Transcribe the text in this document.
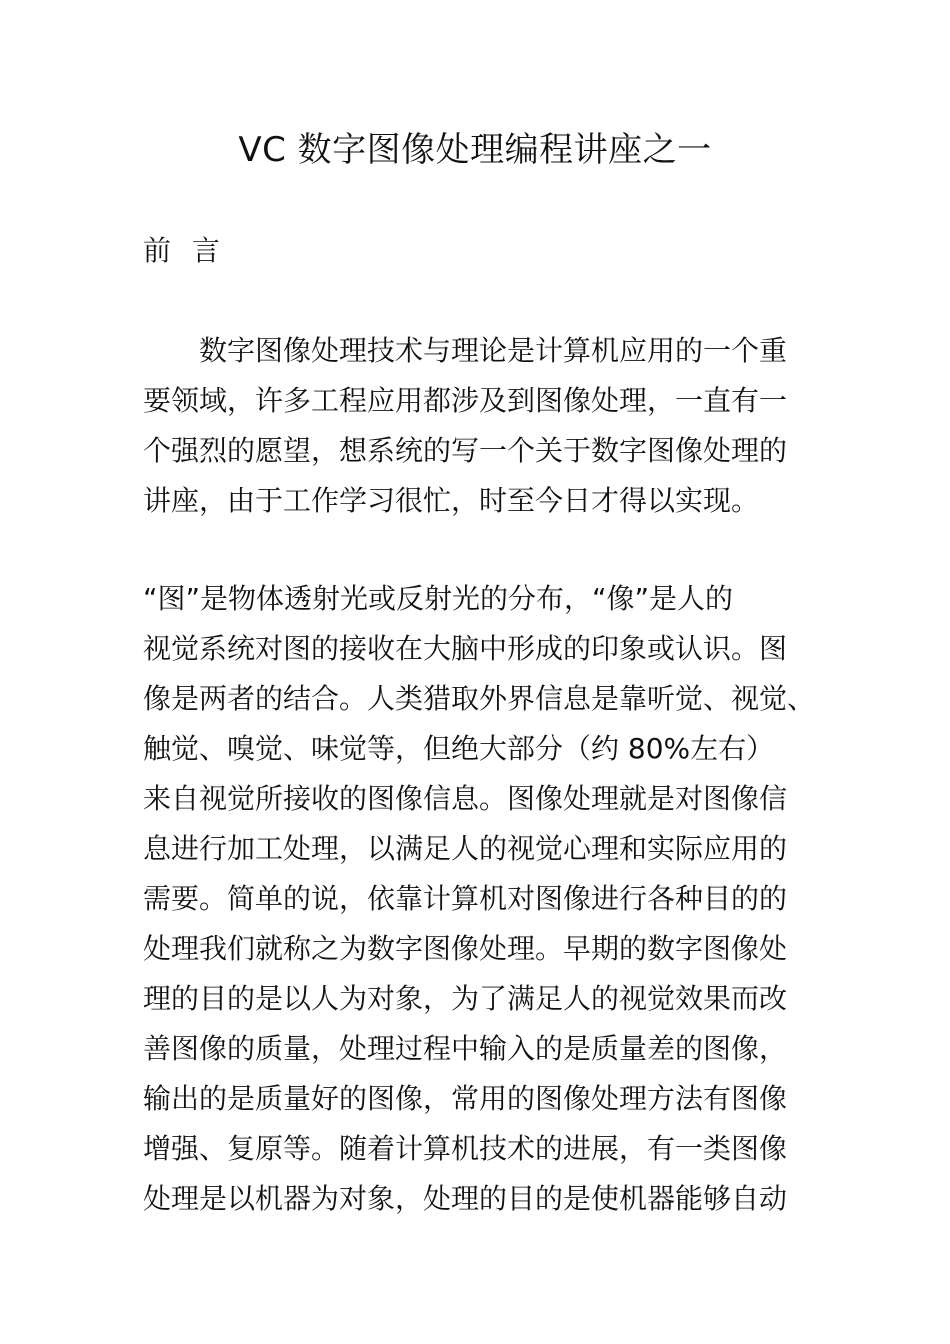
VC 数字图像处理编程讲座之一
前 言

　　数字图像处理技术与理论是计算机应用的一个重

要领域，许多工程应用都涉及到图像处理，一直有一

个强烈的愿望，想系统的写一个关于数字图像处理的

讲座，由于工作学习很忙，时至今日才得以实现。

“图”是物体透射光或反射光的分布，“像”是人的

视觉系统对图的接收在大脑中形成的印象或认识。图

像是两者的结合。人类猎取外界信息是靠听觉、视觉、

触觉、嗅觉、味觉等，但绝大部分（约 80%左右）

来自视觉所接收的图像信息。图像处理就是对图像信

息进行加工处理，以满足人的视觉心理和实际应用的

需要。简单的说，依靠计算机对图像进行各种目的的

处理我们就称之为数字图像处理。早期的数字图像处

理的目的是以人为对象，为了满足人的视觉效果而改

善图像的质量，处理过程中输入的是质量差的图像，

输出的是质量好的图像，常用的图像处理方法有图像

增强、复原等。随着计算机技术的进展，有一类图像

处理是以机器为对象，处理的目的是使机器能够自动
